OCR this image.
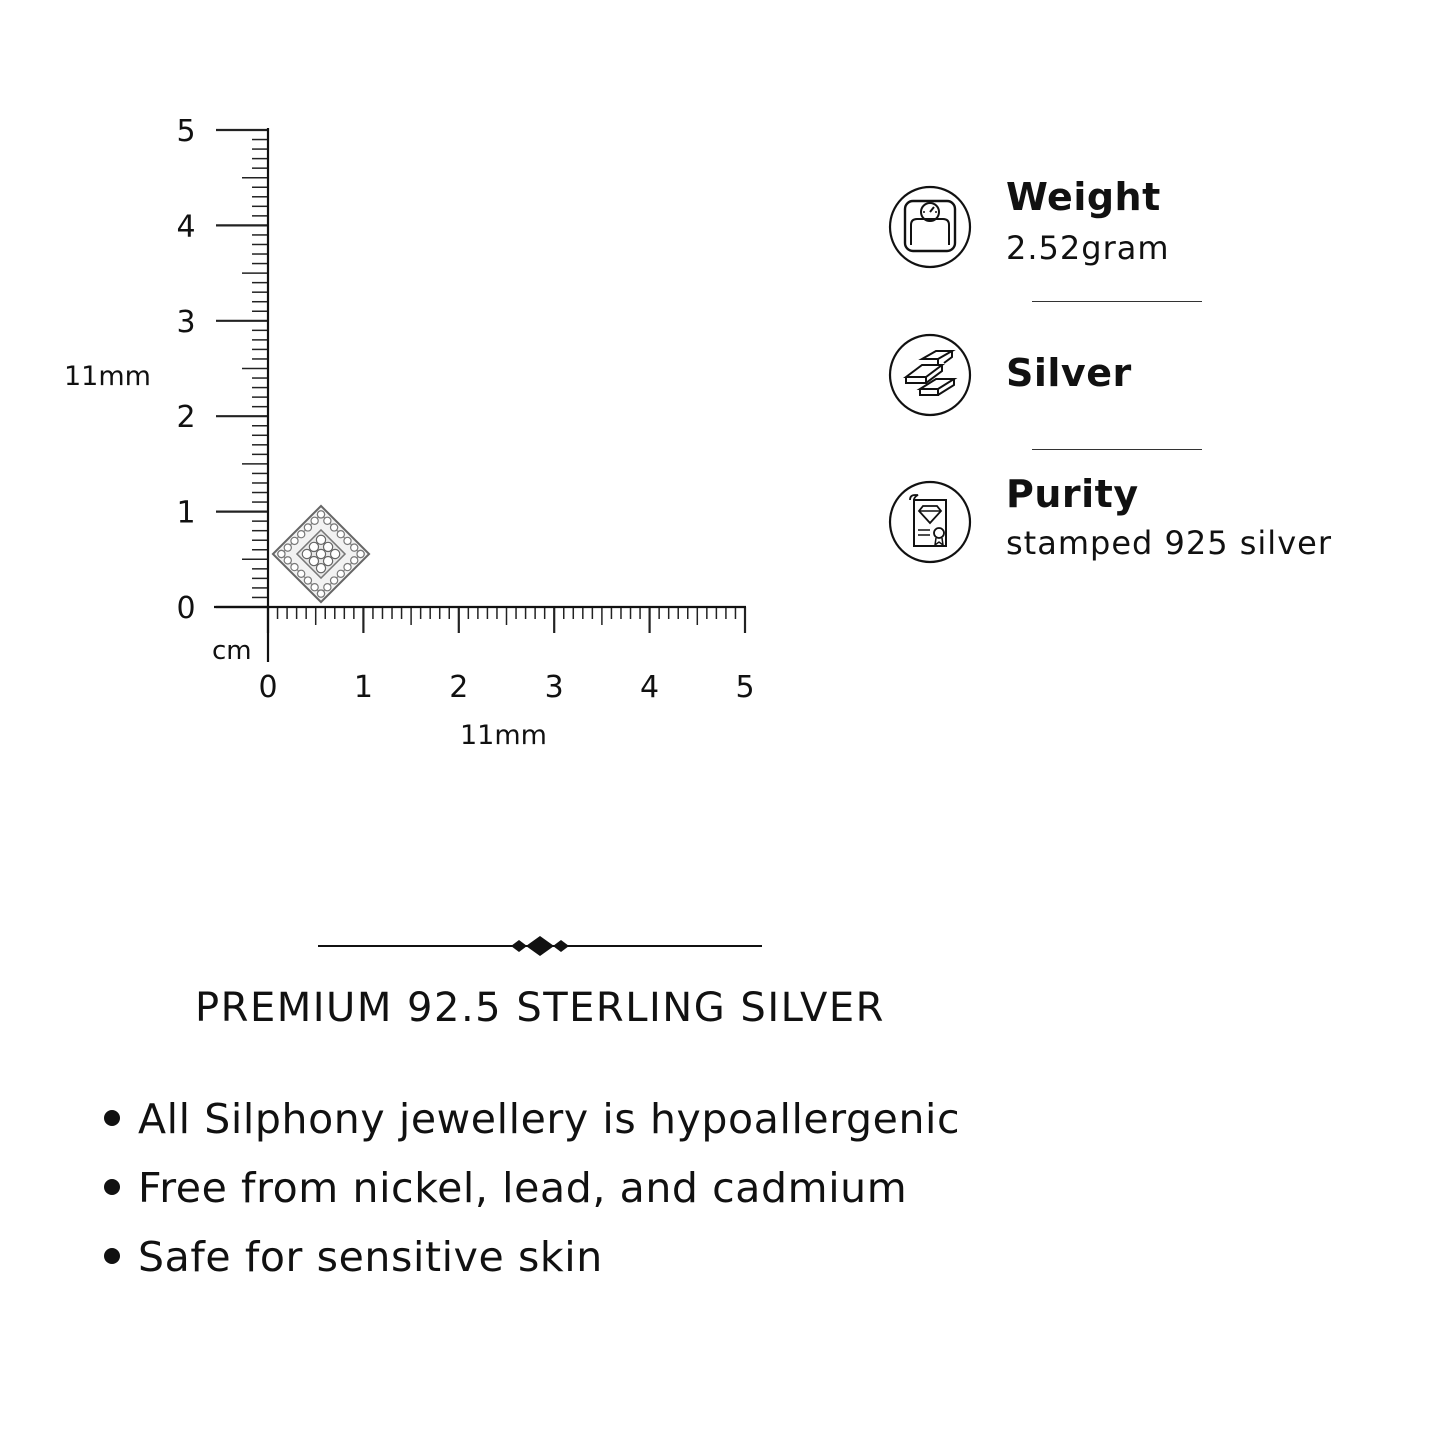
cm
11mm
11mm
0	1	2	3	4	5
0
1
2
3
4
5
Weight
2.52gram
Silver
Purity
stamped 925 silver
PREMIUM 92.5 STERLING SILVER
All Silphony jewellery is hypoallergenic
Free from nickel, lead, and cadmium
Safe for sensitive skin
